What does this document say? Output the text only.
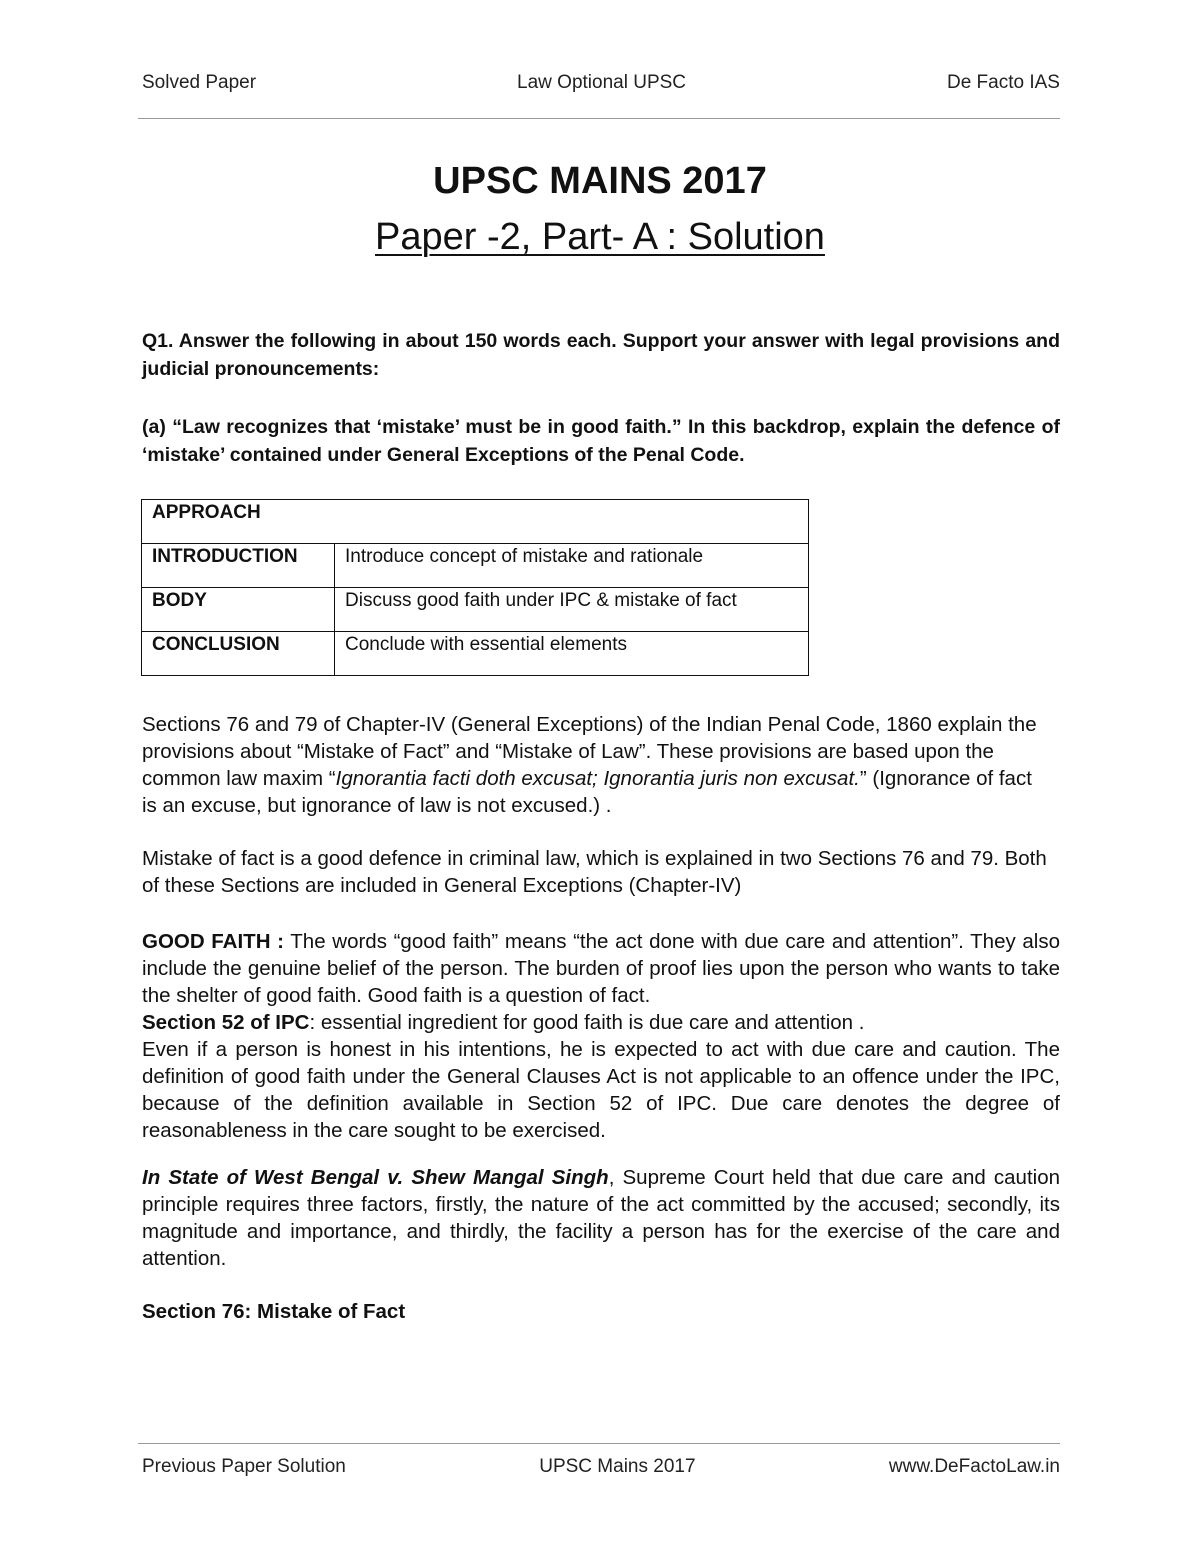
Solved Paper	Law Optional UPSC	De Facto IAS
UPSC MAINS 2017
Paper -2, Part- A : Solution
Q1. Answer the following in about 150 words each. Support your answer with legal provisions and judicial pronouncements:
(a) “Law recognizes that ‘mistake’ must be in good faith.” In this backdrop, explain the defence of ‘mistake’ contained under General Exceptions of the Penal Code.
APPROACH	
INTRODUCTION	Introduce concept of mistake and rationale
BODY	Discuss good faith under IPC & mistake of fact
CONCLUSION	Conclude with essential elements
Sections 76 and 79 of Chapter-IV (General Exceptions) of the Indian Penal Code, 1860 explain the provisions about “Mistake of Fact” and “Mistake of Law”. These provisions are based upon the common law maxim “Ignorantia facti doth excusat; Ignorantia juris non excusat.” (Ignorance of fact is an excuse, but ignorance of law is not excused.) .
Mistake of fact is a good defence in criminal law, which is explained in two Sections 76 and 79. Both of these Sections are included in General Exceptions (Chapter-IV)
GOOD FAITH : The words “good faith” means “the act done with due care and attention”. They also include the genuine belief of the person. The burden of proof lies upon the person who wants to take the shelter of good faith. Good faith is a question of fact.
Section 52 of IPC: essential ingredient for good faith is due care and attention .
Even if a person is honest in his intentions, he is expected to act with due care and caution. The definition of good faith under the General Clauses Act is not applicable to an offence under the IPC, because of the definition available in Section 52 of IPC. Due care denotes the degree of reasonableness in the care sought to be exercised.
In State of West Bengal v. Shew Mangal Singh, Supreme Court held that due care and caution principle requires three factors, firstly, the nature of the act committed by the accused; secondly, its magnitude and importance, and thirdly, the facility a person has for the exercise of the care and attention.
Section 76: Mistake of Fact
Previous Paper Solution	UPSC Mains 2017	www.DeFactoLaw.in
